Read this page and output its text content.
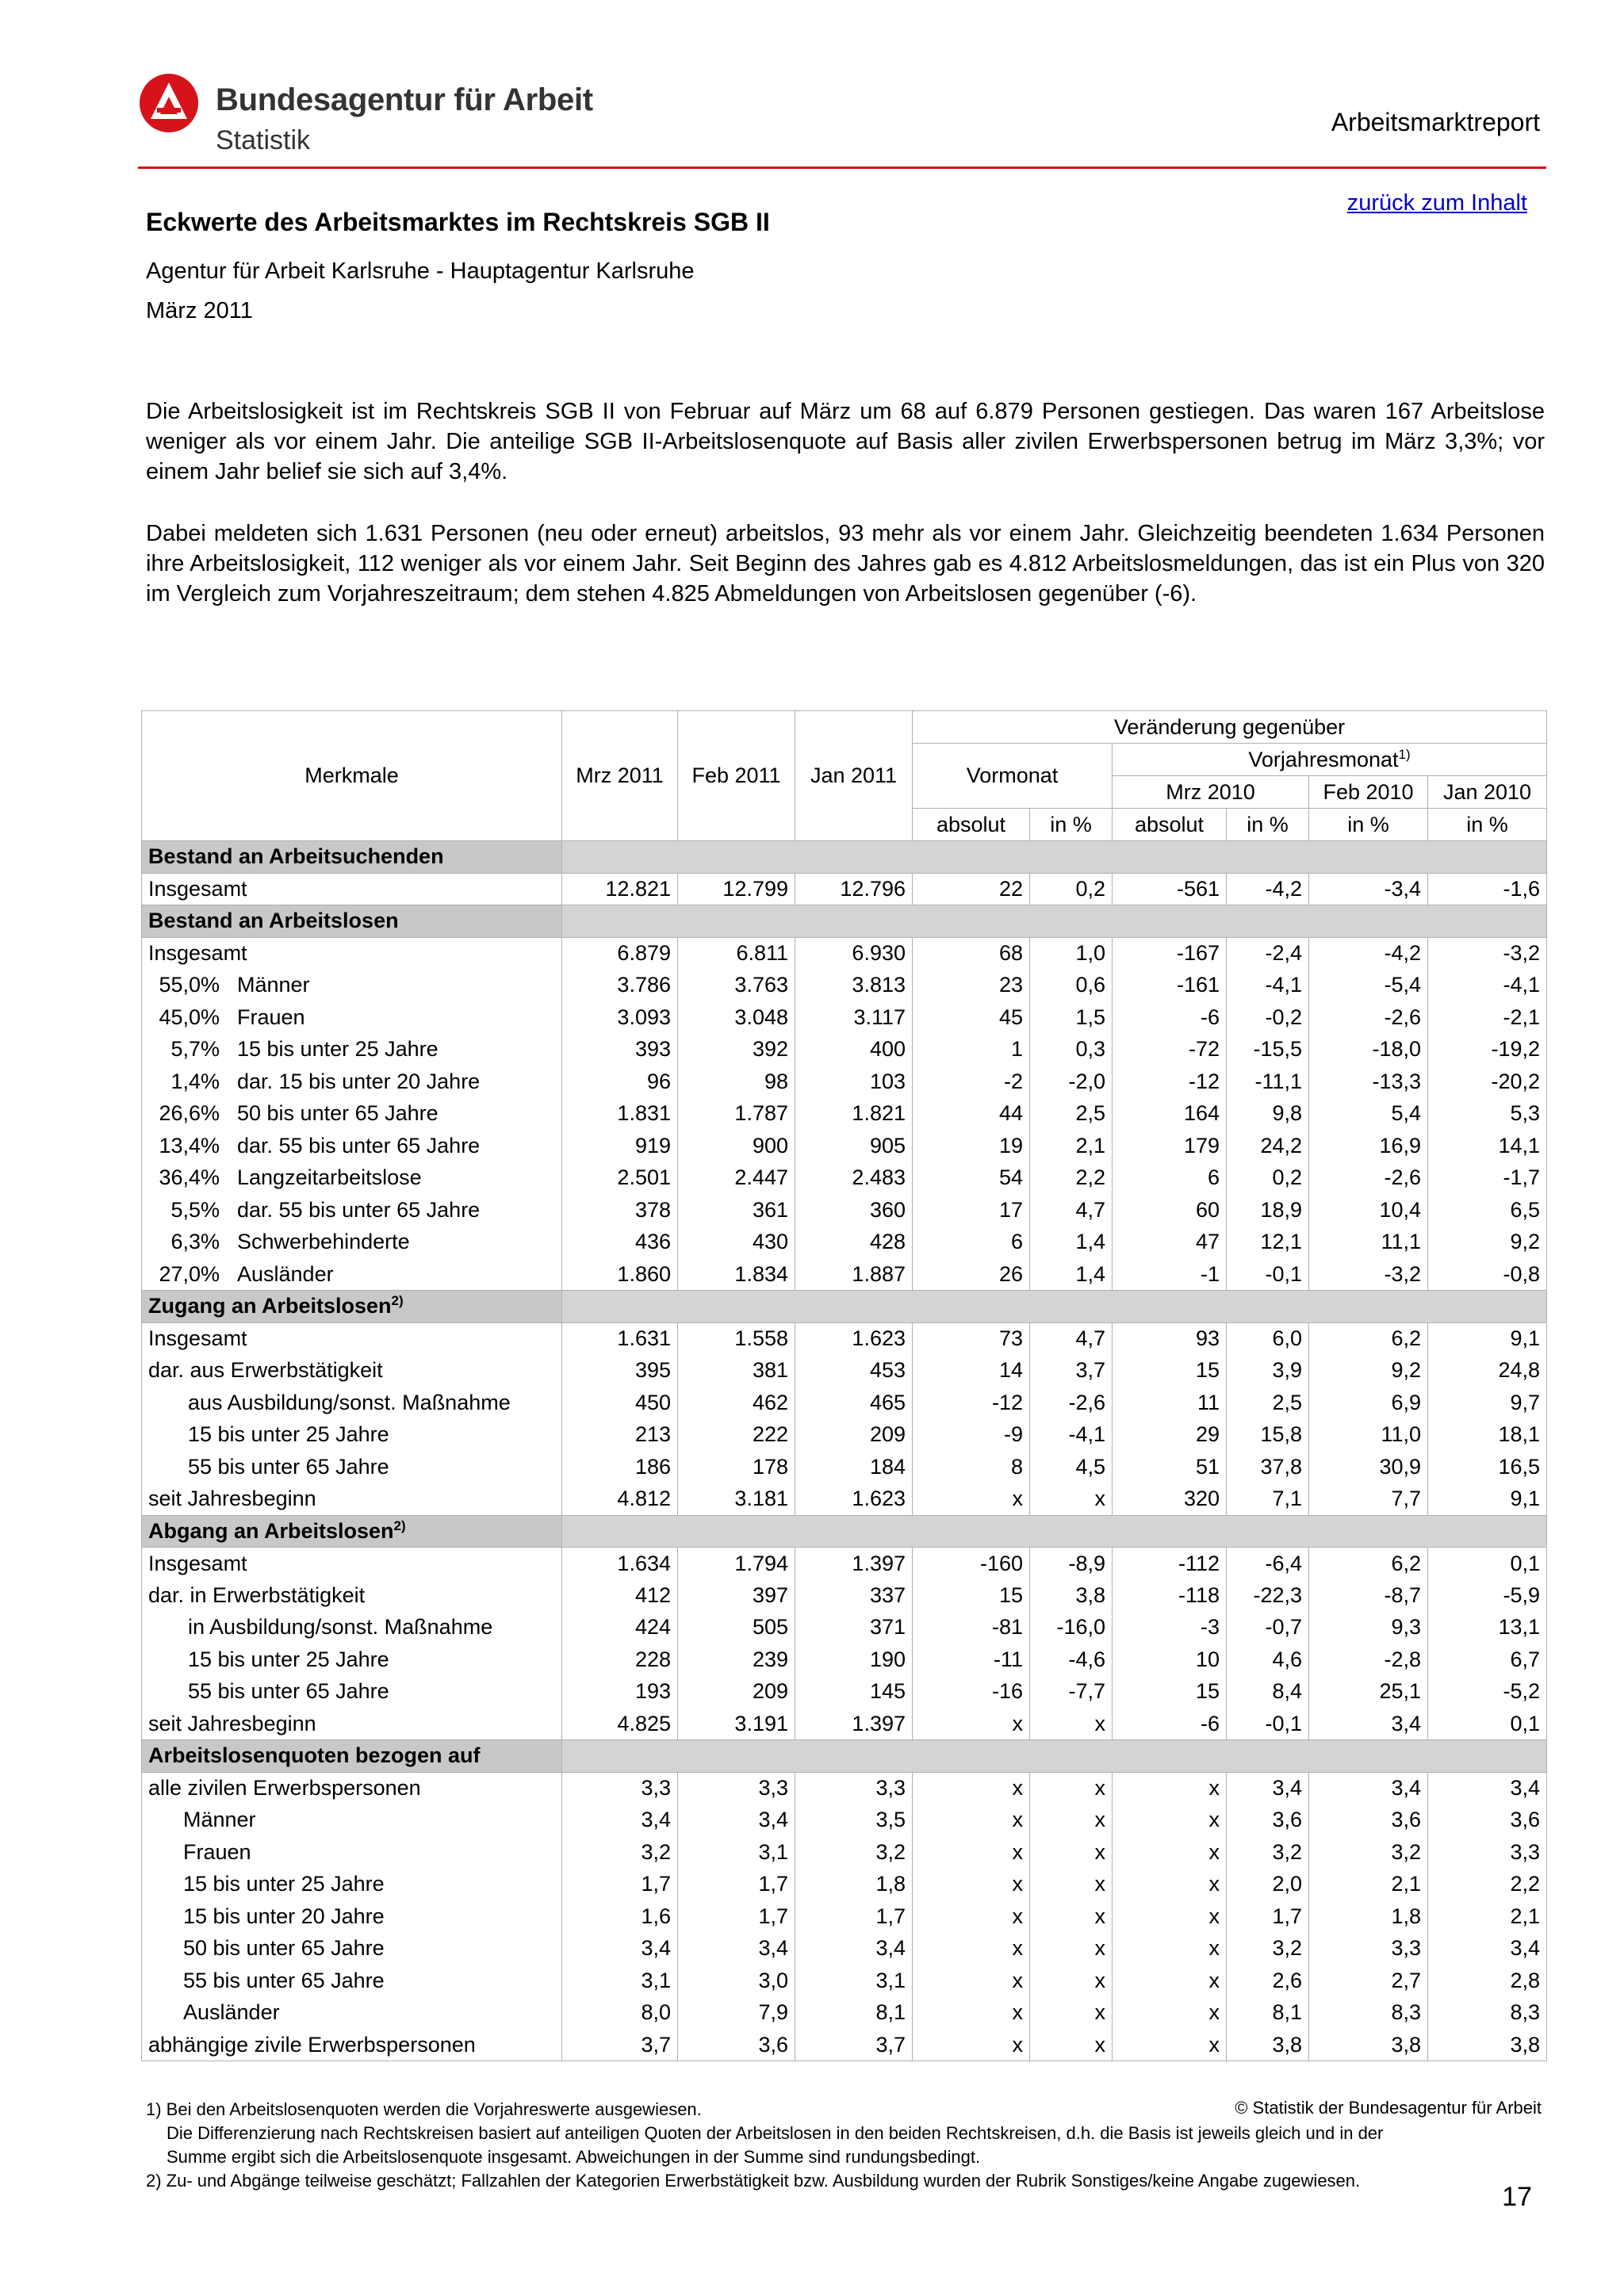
Bundesagentur für Arbeit
Statistik
Arbeitsmarktreport
zurück zum Inhalt
Eckwerte des Arbeitsmarktes im Rechtskreis SGB II
Agentur für Arbeit Karlsruhe - Hauptagentur Karlsruhe
März 2011

Die Arbeitslosigkeit ist im Rechtskreis SGB II von Februar auf März um 68 auf 6.879 Personen gestiegen. Das waren 167 Arbeitslose weniger als vor einem Jahr. Die anteilige SGB II-Arbeitslosenquote auf Basis aller zivilen Erwerbspersonen betrug im März 3,3%; vor einem Jahr belief sie sich auf 3,4%.

Dabei meldeten sich 1.631 Personen (neu oder erneut) arbeitslos, 93 mehr als vor einem Jahr. Gleichzeitig beendeten 1.634 Personen ihre Arbeitslosigkeit, 112 weniger als vor einem Jahr. Seit Beginn des Jahres gab es 4.812 Arbeitslosmeldungen, das ist ein Plus von 320 im Vergleich zum Vorjahreszeitraum; dem stehen 4.825 Abmeldungen von Arbeitslosen gegenüber (-6).

Merkmale	Mrz 2011	Feb 2011	Jan 2011	Veränderung gegenüber					
				Vormonat		Vorjahresmonat$^{1)}$
						Mrz 2010		Feb 2010	Jan 2010
				absolut	in %	absolut	in %	in %	in %
Bestand an Arbeitsuchenden									
Insgesamt	12.821	12.799	12.796	22	0,2	-561	-4,2	-3,4	-1,6
Bestand an Arbeitslosen									
Insgesamt	6.879	6.811	6.930	68	1,0	-167	-2,4	-4,2	-3,2
55,0% Männer	3.786	3.763	3.813	23	0,6	-161	-4,1	-5,4	-4,1
45,0% Frauen	3.093	3.048	3.117	45	1,5	-6	-0,2	-2,6	-2,1
5,7% 15 bis unter 25 Jahre	393	392	400	1	0,3	-72	-15,5	-18,0	-19,2
1,4% dar. 15 bis unter 20 Jahre	96	98	103	-2	-2,0	-12	-11,1	-13,3	-20,2
26,6% 50 bis unter 65 Jahre	1.831	1.787	1.821	44	2,5	164	9,8	5,4	5,3
13,4% dar. 55 bis unter 65 Jahre	919	900	905	19	2,1	179	24,2	16,9	14,1
36,4% Langzeitarbeitslose	2.501	2.447	2.483	54	2,2	6	0,2	-2,6	-1,7
5,5% dar. 55 bis unter 65 Jahre	378	361	360	17	4,7	60	18,9	10,4	6,5
6,3% Schwerbehinderte	436	430	428	6	1,4	47	12,1	11,1	9,2
27,0% Ausländer	1.860	1.834	1.887	26	1,4	-1	-0,1	-3,2	-0,8
Zugang an Arbeitslosen$^{2)}$	
Insgesamt	1.631	1.558	1.623	73	4,7	93	6,0	6,2	9,1
dar. aus Erwerbstätigkeit	395	381	453	14	3,7	15	3,9	9,2	24,8
aus Ausbildung/sonst. Maßnahme	450	462	465	-12	-2,6	11	2,5	6,9	9,7
15 bis unter 25 Jahre	213	222	209	-9	-4,1	29	15,8	11,0	18,1
55 bis unter 65 Jahre	186	178	184	8	4,5	51	37,8	30,9	16,5
seit Jahresbeginn	4.812	3.181	1.623	x	x	320	7,1	7,7	9,1
Abgang an Arbeitslosen$^{2)}$	
Insgesamt	1.634	1.794	1.397	-160	-8,9	-112	-6,4	6,2	0,1
dar. in Erwerbstätigkeit	412	397	337	15	3,8	-118	-22,3	-8,7	-5,9
in Ausbildung/sonst. Maßnahme	424	505	371	-81	-16,0	-3	-0,7	9,3	13,1
15 bis unter 25 Jahre	228	239	190	-11	-4,6	10	4,6	-2,8	6,7
55 bis unter 65 Jahre	193	209	145	-16	-7,7	15	8,4	25,1	-5,2
seit Jahresbeginn	4.825	3.191	1.397	x	x	-6	-0,1	3,4	0,1
Arbeitslosenquoten bezogen auf									
alle zivilen Erwerbspersonen	3,3	3,3	3,3	x	x	x	3,4	3,4	3,4
Männer	3,4	3,4	3,5	x	x	x	3,6	3,6	3,6
Frauen	3,2	3,1	3,2	x	x	x	3,2	3,2	3,3
15 bis unter 25 Jahre	1,7	1,7	1,8	x	x	x	2,0	2,1	2,2
15 bis unter 20 Jahre	1,6	1,7	1,7	x	x	x	1,7	1,8	2,1
50 bis unter 65 Jahre	3,4	3,4	3,4	x	x	x	3,2	3,3	3,4
55 bis unter 65 Jahre	3,1	3,0	3,1	x	x	x	2,6	2,7	2,8
Ausländer	8,0	7,9	8,1	x	x	x	8,1	8,3	8,3
abhängige zivile Erwerbspersonen	3,7	3,6	3,7	x	x	x	3,8	3,8	3,8

1) Bei den Arbeitslosenquoten werden die Vorjahreswerte ausgewiesen.

Die Differenzierung nach Rechtskreisen basiert auf anteiligen Quoten der Arbeitslosen in den beiden Rechtskreisen, d.h. die Basis ist jeweils gleich und in der

Summe ergibt sich die Arbeitslosenquote insgesamt. Abweichungen in der Summe sind rundungsbedingt.

2) Zu- und Abgänge teilweise geschätzt; Fallzahlen der Kategorien Erwerbstätigkeit bzw. Ausbildung wurden der Rubrik Sonstiges/keine Angabe zugewiesen.

© Statistik der Bundesagentur für Arbeit
17
